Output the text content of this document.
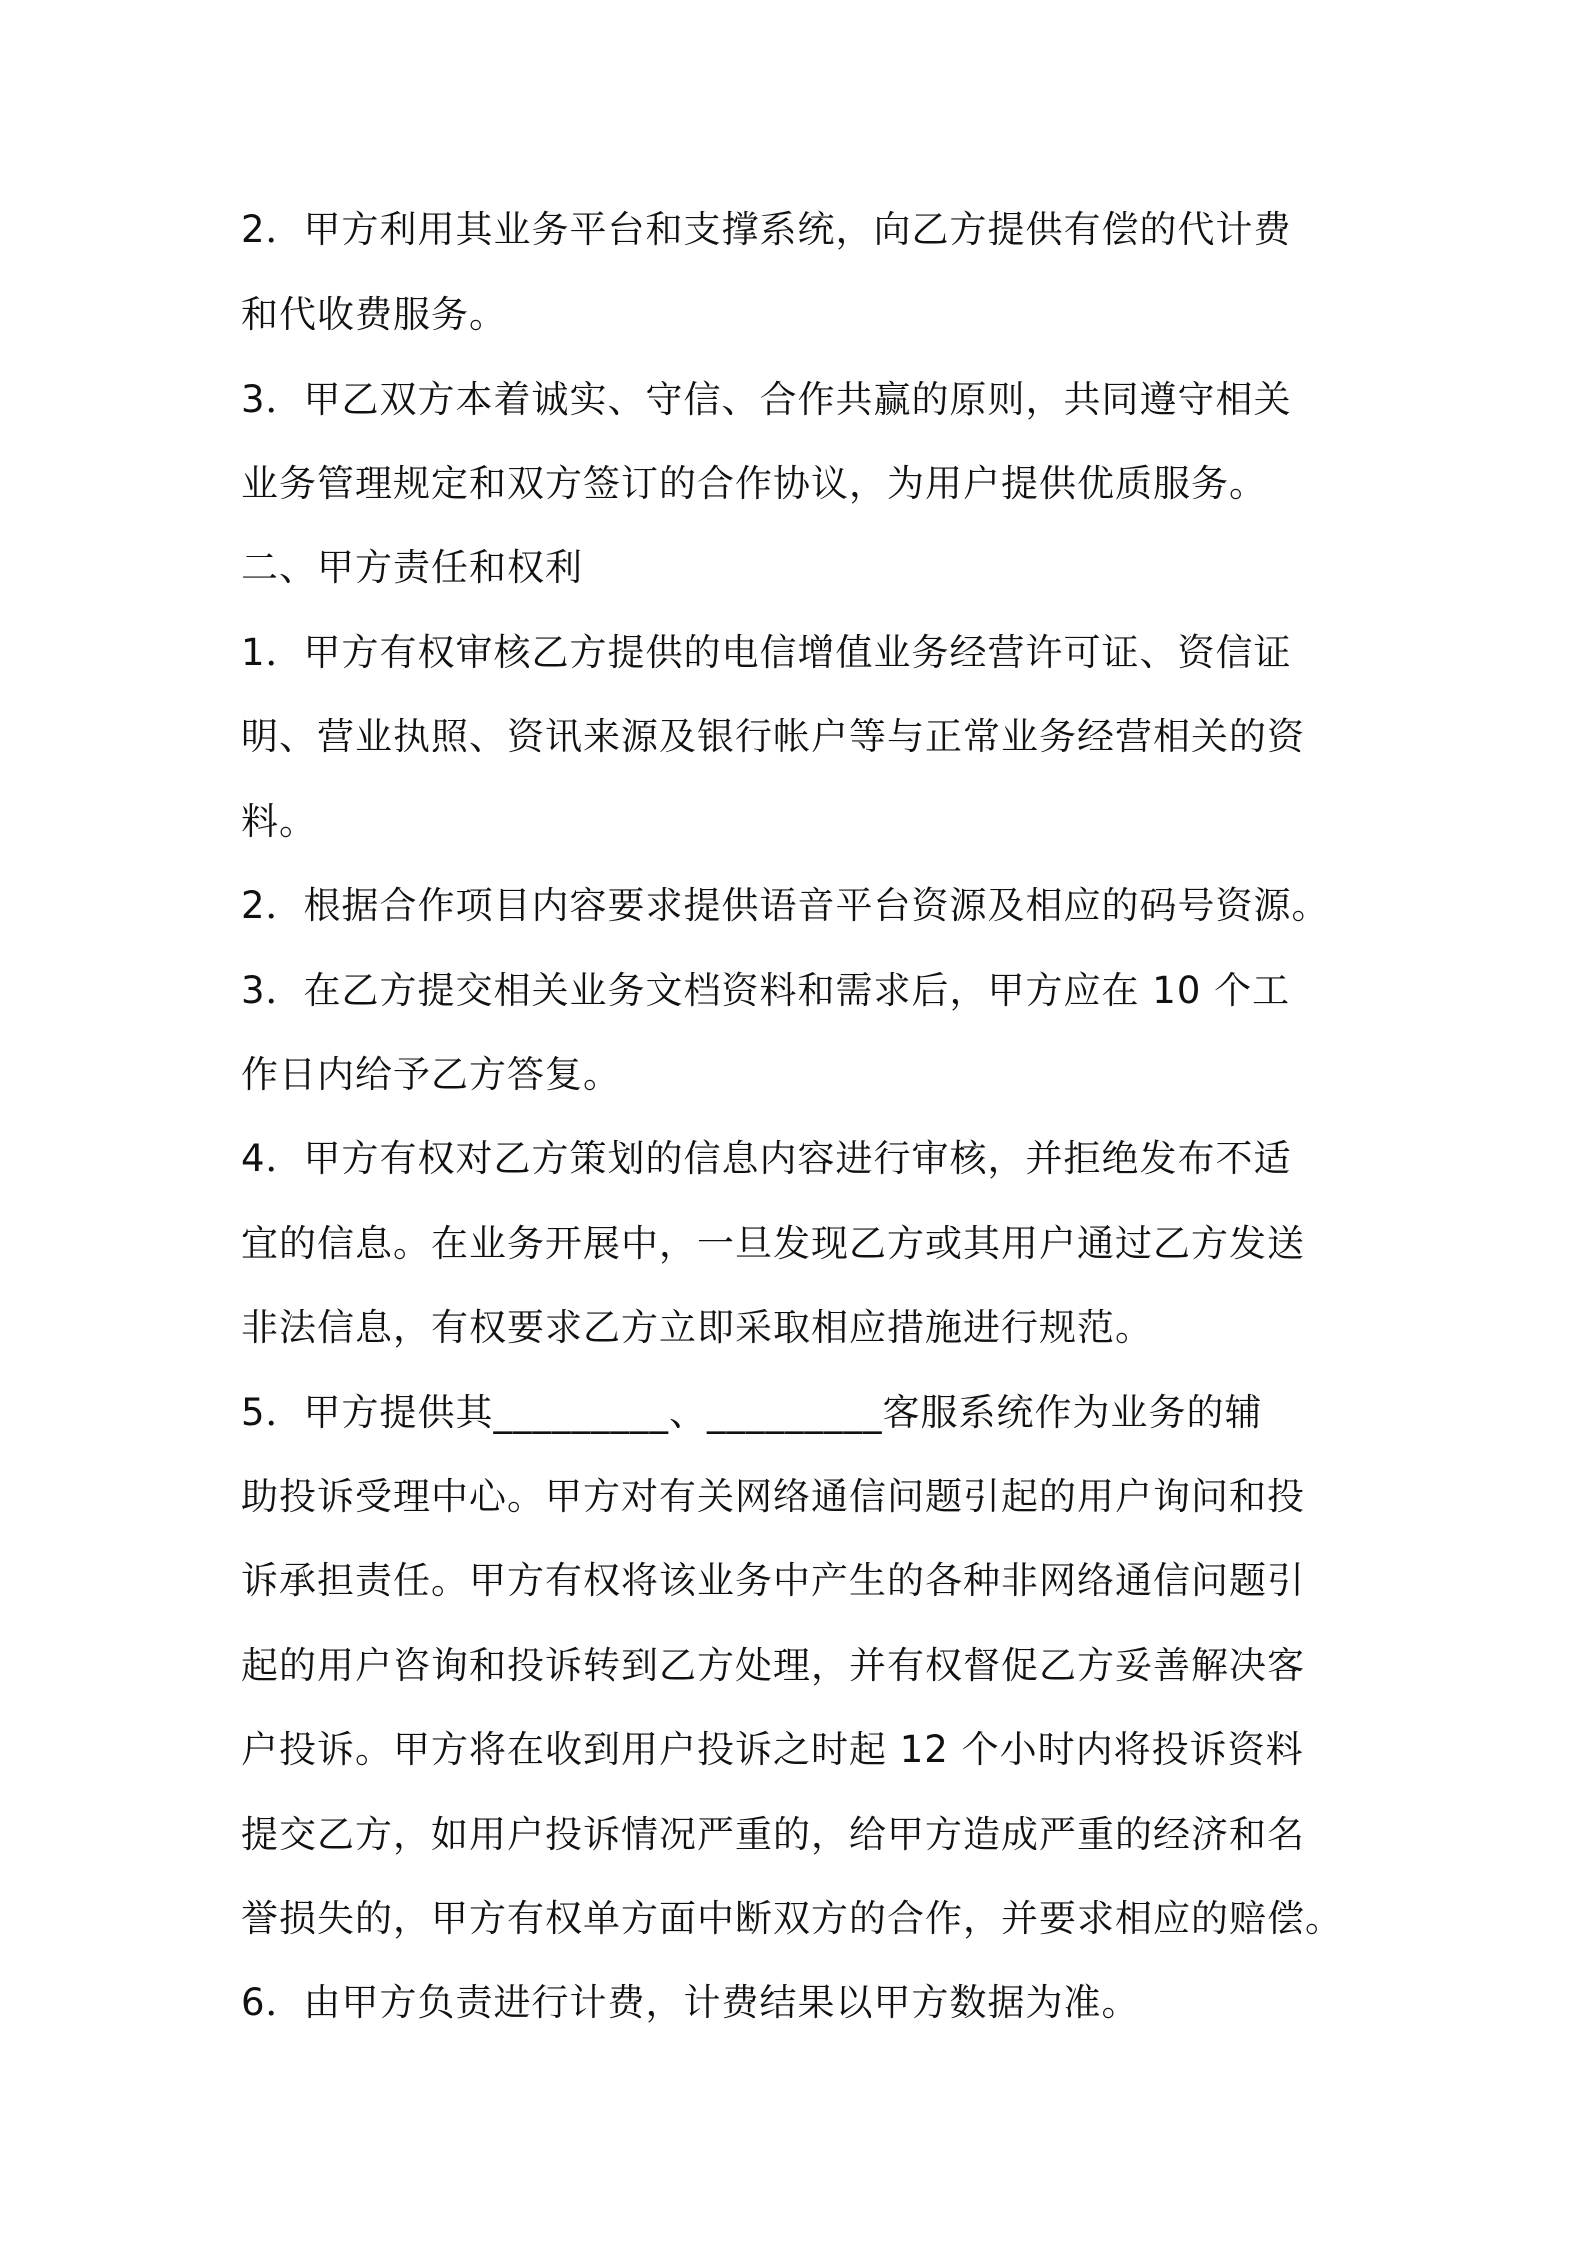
2．甲方利用其业务平台和支撑系统，向乙方提供有偿的代计费
和代收费服务。
3．甲乙双方本着诚实、守信、合作共赢的原则，共同遵守相关
业务管理规定和双方签订的合作协议，为用户提供优质服务。
二、甲方责任和权利
1．甲方有权审核乙方提供的电信增值业务经营许可证、资信证
明、营业执照、资讯来源及银行帐户等与正常业务经营相关的资
料。
2．根据合作项目内容要求提供语音平台资源及相应的码号资源。
3．在乙方提交相关业务文档资料和需求后，甲方应在 10 个工
作日内给予乙方答复。
4．甲方有权对乙方策划的信息内容进行审核，并拒绝发布不适
宜的信息。在业务开展中，一旦发现乙方或其用户通过乙方发送
非法信息，有权要求乙方立即采取相应措施进行规范。
5．甲方提供其_________、_________客服系统作为业务的辅
助投诉受理中心。甲方对有关网络通信问题引起的用户询问和投
诉承担责任。甲方有权将该业务中产生的各种非网络通信问题引
起的用户咨询和投诉转到乙方处理，并有权督促乙方妥善解决客
户投诉。甲方将在收到用户投诉之时起 12 个小时内将投诉资料
提交乙方，如用户投诉情况严重的，给甲方造成严重的经济和名
誉损失的，甲方有权单方面中断双方的合作，并要求相应的赔偿。
6．由甲方负责进行计费，计费结果以甲方数据为准。
